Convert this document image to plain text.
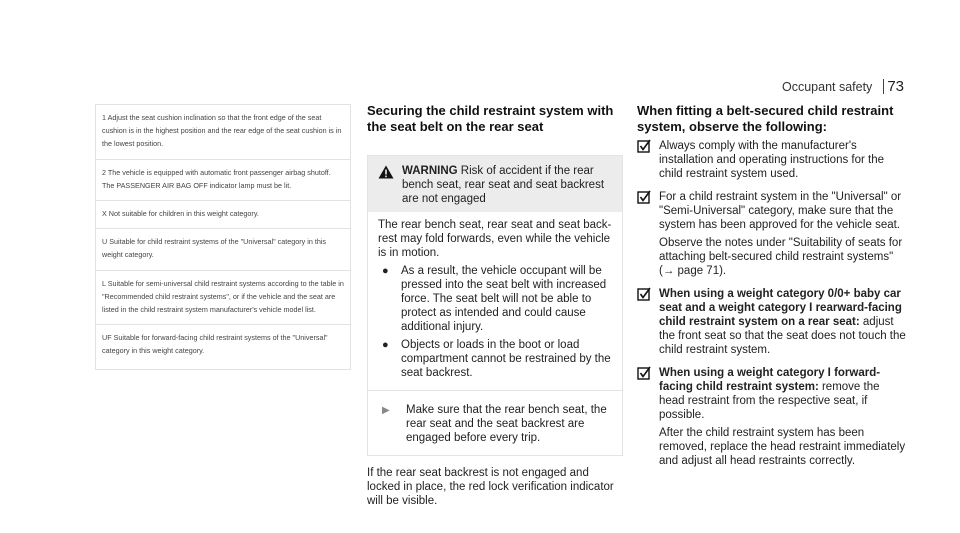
Occupant safety 73
1 Adjust the seat cushion inclination so that the front edge of the seat cushion is in the highest position and the rear edge of the seat cushion is in the lowest position.
2 The vehicle is equipped with automatic front passenger airbag shutoff. The PASSENGER AIR BAG OFF indicator lamp must be lit.
X Not suitable for children in this weight category.
U Suitable for child restraint systems of the "Universal" category in this weight category.
L Suitable for semi-universal child restraint systems according to the table in "Recommended child restraint systems", or if the vehicle and the seat are listed in the child restraint system manufacturer's vehicle model list.
UF Suitable for forward-facing child restraint systems of the "Universal" category in this weight category.
Securing the child restraint system with the seat belt on the rear seat
WARNING Risk of accident if the rear bench seat, rear seat and seat backrest are not engaged

The rear bench seat, rear seat and seat back-rest may fold forwards, even while the vehicle is in motion.

●	As a result, the vehicle occupant will be pressed into the seat belt with increased force. The seat belt will not be able to protect as intended and could cause additional injury.
●	Objects or loads in the boot or load compartment cannot be restrained by the seat backrest.
▶	Make sure that the rear bench seat, the rear seat and the seat backrest are engaged before every trip.

If the rear seat backrest is not engaged and locked in place, the red lock verification indicator will be visible.

When fitting a belt-secured child restraint system, observe the following:

Always comply with the manufacturer's installation and operating instructions for the child restraint system used.

For a child restraint system in the "Universal" or "Semi-Universal" category, make sure that the system has been approved for the vehicle seat.

Observe the notes under "Suitability of seats for attaching belt-secured child restraint systems" (→ page 71).

When using a weight category 0/0+ baby car seat and a weight category I rearward-facing child restraint system on a rear seat: adjust the front seat so that the seat does not touch the child restraint system.

When using a weight category I forward-facing child restraint system: remove the head restraint from the respective seat, if possible.

After the child restraint system has been removed, replace the head restraint immediately and adjust all head restraints correctly.
